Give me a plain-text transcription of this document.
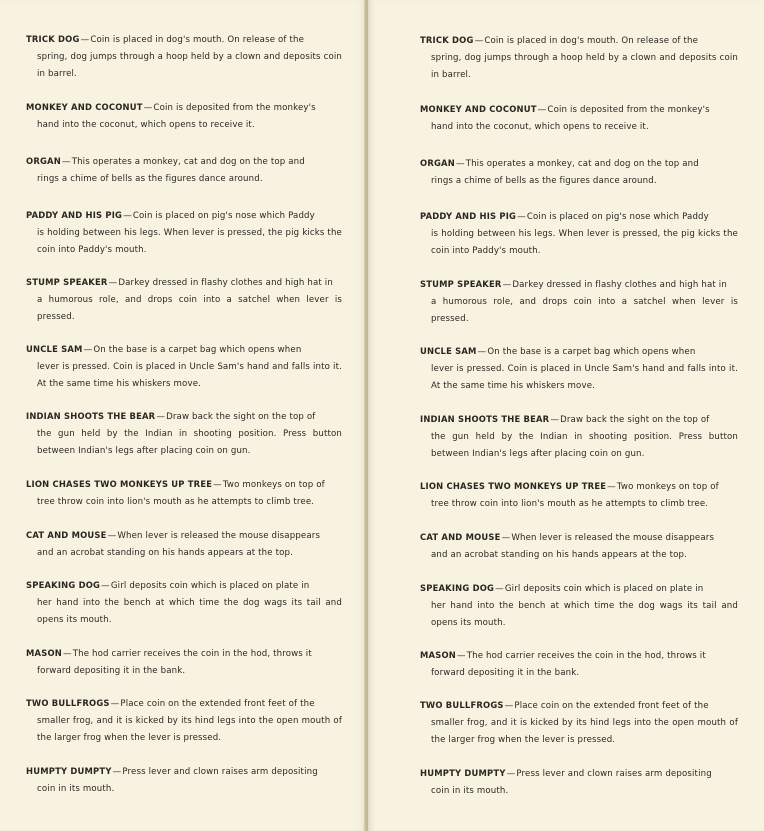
TRICK DOG—Coin is placed in dog's mouth. On release of the
spring, dog jumps through a hoop held by a clown and deposits coin in barrel.
MONKEY AND COCONUT—Coin is deposited from the monkey's
hand into the coconut, which opens to receive it.
ORGAN—This operates a monkey, cat and dog on the top and
rings a chime of bells as the figures dance around.
PADDY AND HIS PIG—Coin is placed on pig's nose which Paddy
is holding between his legs. When lever is pressed, the pig kicks the coin into Paddy's mouth.
STUMP SPEAKER—Darkey dressed in flashy clothes and high hat in
a humorous role, and drops coin into a satchel when lever is pressed.
UNCLE SAM—On the base is a carpet bag which opens when
lever is pressed. Coin is placed in Uncle Sam's hand and falls into it. At the same time his whiskers move.
INDIAN SHOOTS THE BEAR—Draw back the sight on the top of
the gun held by the Indian in shooting position. Press button between Indian's legs after placing coin on gun.
LION CHASES TWO MONKEYS UP TREE—Two monkeys on top of
tree throw coin into lion's mouth as he attempts to climb tree.
CAT AND MOUSE—When lever is released the mouse disappears
and an acrobat standing on his hands appears at the top.
SPEAKING DOG—Girl deposits coin which is placed on plate in
her hand into the bench at which time the dog wags its tail and opens its mouth.
MASON—The hod carrier receives the coin in the hod, throws it
forward depositing it in the bank.
TWO BULLFROGS—Place coin on the extended front feet of the
smaller frog, and it is kicked by its hind legs into the open mouth of the larger frog when the lever is pressed.
HUMPTY DUMPTY—Press lever and clown raises arm depositing
coin in its mouth.
TRICK DOG—Coin is placed in dog's mouth. On release of the
spring, dog jumps through a hoop held by a clown and deposits coin in barrel.
MONKEY AND COCONUT—Coin is deposited from the monkey's
hand into the coconut, which opens to receive it.
ORGAN—This operates a monkey, cat and dog on the top and
rings a chime of bells as the figures dance around.
PADDY AND HIS PIG—Coin is placed on pig's nose which Paddy
is holding between his legs. When lever is pressed, the pig kicks the coin into Paddy's mouth.
STUMP SPEAKER—Darkey dressed in flashy clothes and high hat in
a humorous role, and drops coin into a satchel when lever is pressed.
UNCLE SAM—On the base is a carpet bag which opens when
lever is pressed. Coin is placed in Uncle Sam's hand and falls into it. At the same time his whiskers move.
INDIAN SHOOTS THE BEAR—Draw back the sight on the top of
the gun held by the Indian in shooting position. Press button between Indian's legs after placing coin on gun.
LION CHASES TWO MONKEYS UP TREE—Two monkeys on top of
tree throw coin into lion's mouth as he attempts to climb tree.
CAT AND MOUSE—When lever is released the mouse disappears
and an acrobat standing on his hands appears at the top.
SPEAKING DOG—Girl deposits coin which is placed on plate in
her hand into the bench at which time the dog wags its tail and opens its mouth.
MASON—The hod carrier receives the coin in the hod, throws it
forward depositing it in the bank.
TWO BULLFROGS—Place coin on the extended front feet of the
smaller frog, and it is kicked by its hind legs into the open mouth of the larger frog when the lever is pressed.
HUMPTY DUMPTY—Press lever and clown raises arm depositing
coin in its mouth.
